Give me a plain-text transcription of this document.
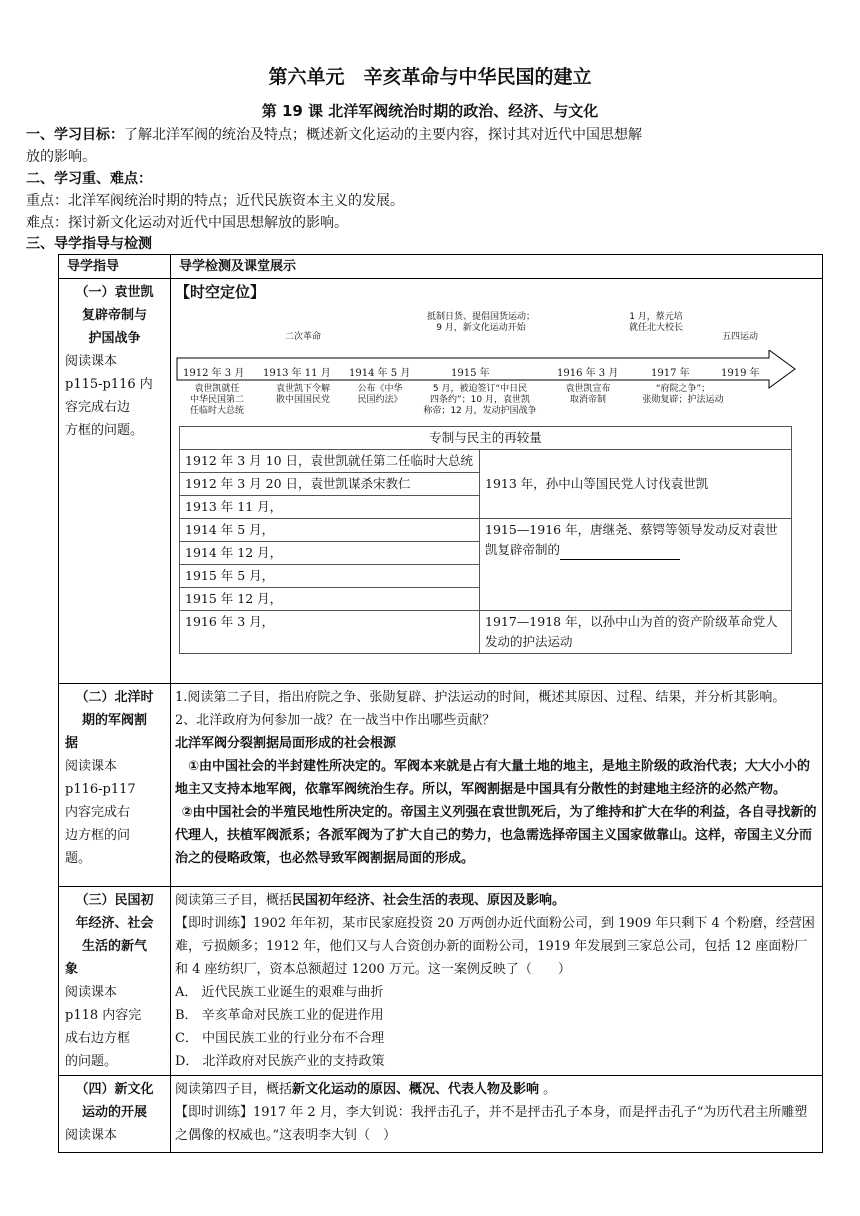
第六单元　辛亥革命与中华民国的建立
第 19 课 北洋军阀统治时期的政治、经济、与文化
一、学习目标：了解北洋军阀的统治及特点；概述新文化运动的主要内容，探讨其对近代中国思想解
放的影响。
二、学习重、难点：
重点：北洋军阀统治时期的特点；近代民族资本主义的发展。
难点：探讨新文化运动对近代中国思想解放的影响。
三、导学指导与检测
导学指导	导学检测及课堂展示

（一）袁世凯
复辟帝制与
护国战争
阅读课本
p115-p116 内
容完成右边
方框的问题。

【时空定位】
1912 年 3 月 1913 年 11 月 1914 年 5 月	1915 年	1916 年 3 月	1917 年	1919 年
二次革命
抵制日货、提倡国货运动；
9 月，新文化运动开始
1 月，蔡元培
就任北大校长
五四运动
袁世凯就任
中华民国第二
任临时大总统
袁世凯下令解
散中国国民党
公布《中华
民国约法》
5 月，被迫签订“中日民
四条约”；10 月，袁世凯
称帝；12 月，发动护国战争
袁世凯宣布
取消帝制
“府院之争”；
张勋复辟；护法运动
专制与民主的再较量
1912 年 3 月 10 日，袁世凯就任第二任临时大总统	1913 年，孙中山等国民党人讨伐袁世凯
1912 年 3 月 20 日，袁世凯谋杀宋教仁
1913 年 11 月，
1914 年 5 月，	1915—1916 年，唐继尧、蔡锷等领导发动反对袁世凯复辟帝制的
1914 年 12 月，
1915 年 5 月，
1915 年 12 月，
1916 年 3 月，	1917—1918 年，以孙中山为首的资产阶级革命党人发动的护法运动

（二）北洋时
期的军阀割
据
阅读课本
p116-p117
内容完成右
边方框的问
题。

1.阅读第二子目，指出府院之争、张勋复辟、护法运动的时间，概述其原因、过程、结果，并分析其影响。
2、北洋政府为何参加一战？在一战当中作出哪些贡献？
北洋军阀分裂割据局面形成的社会根源
①由中国社会的半封建性所决定的。军阀本来就是占有大量土地的地主，是地主阶级的政治代表；大大小小的地主又支持本地军阀，依靠军阀统治生存。所以，军阀割据是中国具有分散性的封建地主经济的必然产物。
②由中国社会的半殖民地性所决定的。帝国主义列强在袁世凯死后，为了维持和扩大在华的利益，各自寻找新的代理人，扶植军阀派系；各派军阀为了扩大自己的势力，也急需选择帝国主义国家做靠山。这样，帝国主义分而治之的侵略政策，也必然导致军阀割据局面的形成。

（三）民国初
年经济、社会
生活的新气
象
阅读课本
p118 内容完
成右边方框
的问题。

阅读第三子目，概括民国初年经济、社会生活的表现、原因及影响。
【即时训练】1902 年年初，某市民家庭投资 20 万两创办近代面粉公司，到 1909 年只剩下 4 个粉磨，经营困难，亏损颇多；1912 年，他们又与人合资创办新的面粉公司，1919 年发展到三家总公司，包括 12 座面粉厂和 4 座纺织厂，资本总额超过 1200 万元。这一案例反映了（　　）
A． 近代民族工业诞生的艰难与曲折
B． 辛亥革命对民族工业的促进作用
C． 中国民族工业的行业分布不合理
D． 北洋政府对民族产业的支持政策

（四）新文化
运动的开展
阅读课本

阅读第四子目，概括新文化运动的原因、概况、代表人物及影响 。
【即时训练】1917 年 2 月，李大钊说：我抨击孔子，并不是抨击孔子本身，而是抨击孔子“为历代君主所雕塑之偶像的权威也。”这表明李大钊（　）
